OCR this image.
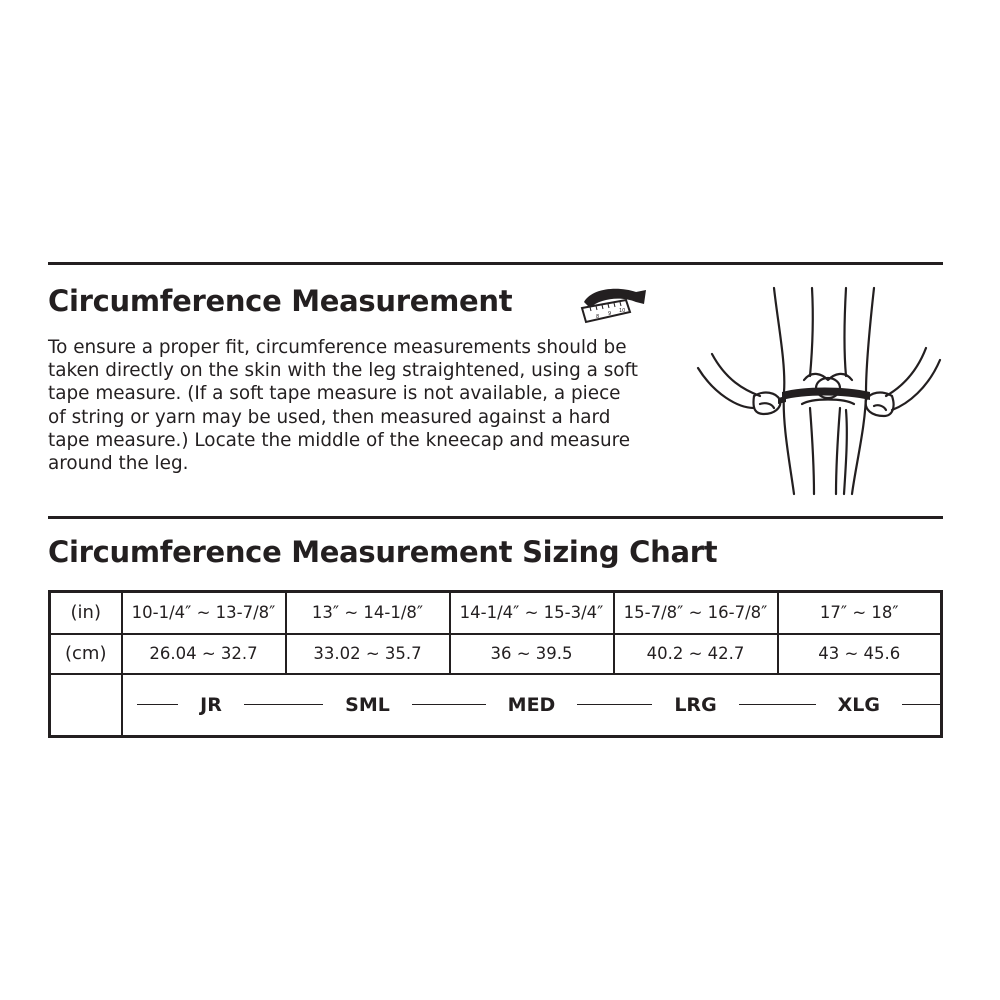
Circumference Measurement	8 9 10
To ensure a proper fit, circumference measurements should be
taken directly on the skin with the leg straightened, using a soft
tape measure. (If a soft tape measure is not available, a piece
of string or yarn may be used, then measured against a hard
tape measure.) Locate the middle of the kneecap and measure
around the leg.
Circumference Measurement Sizing Chart
(in)	10-1/4″ ~ 13-7/8″	13″ ~ 14-1/8″	14-1/4″ ~ 15-3/4″	15-7/8″ ~ 16-7/8″	17″ ~ 18″
(cm)	26.04 ~ 32.7	33.02 ~ 35.7	36 ~ 39.5	40.2 ~ 42.7	43 ~ 45.6

	JR	SML	MED	LRG	XLG
